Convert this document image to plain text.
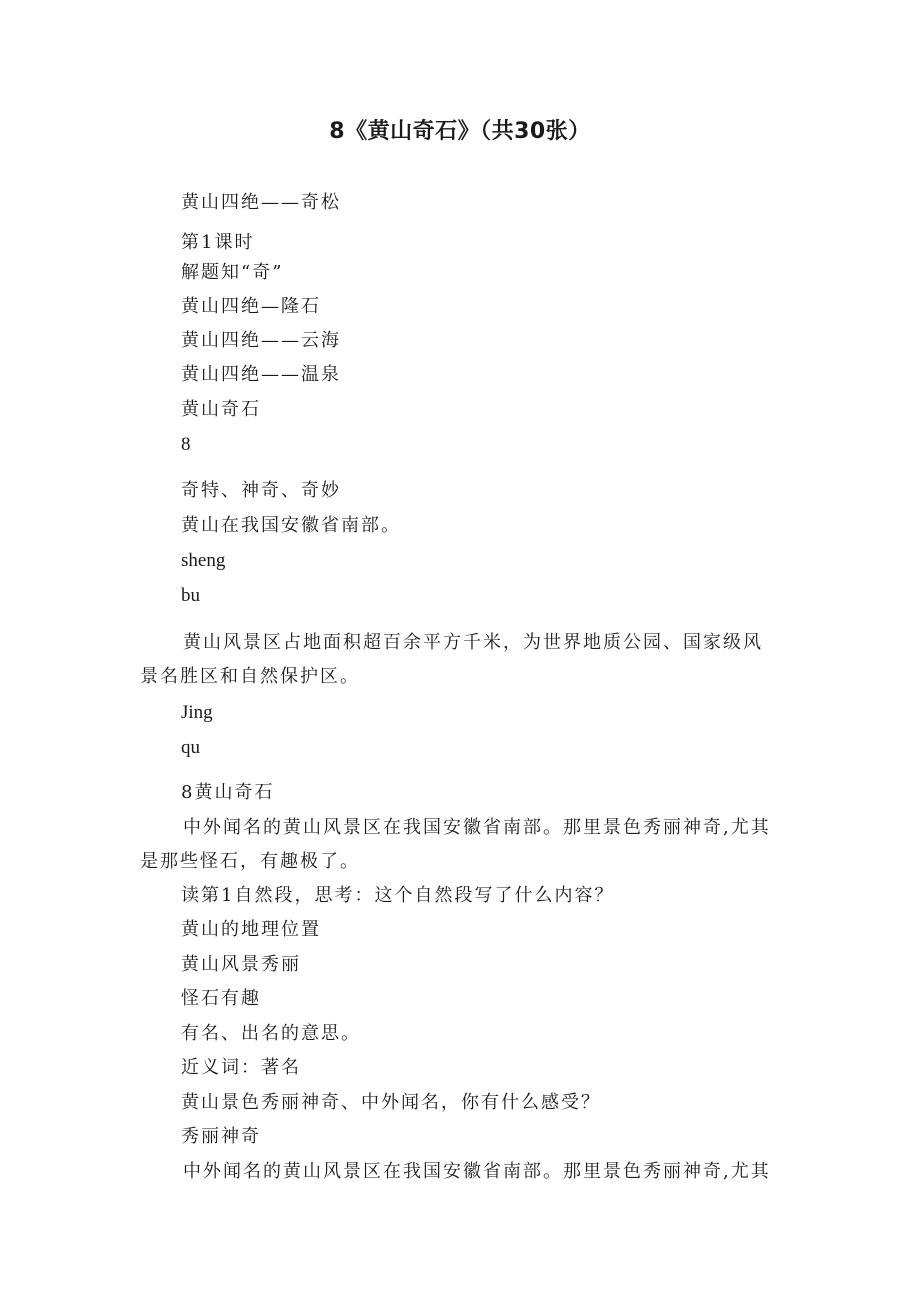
8《黄山奇石》（共30张）
黄山四绝——奇松
第1课时
解题知“奇”
黄山四绝—隆石
黄山四绝——云海
黄山四绝——温泉
黄山奇石
8
奇特、神奇、奇妙
黄山在我国安徽省南部。
sheng
bu
黄山风景区占地面积超百余平方千米，为世界地质公园、国家级风
景名胜区和自然保护区。
Jing
qu
8黄山奇石
中外闻名的黄山风景区在我国安徽省南部。那里景色秀丽神奇,尤其
是那些怪石，有趣极了。
读第1自然段，思考：这个自然段写了什么内容？
黄山的地理位置
黄山风景秀丽
怪石有趣
有名、出名的意思。
近义词：著名
黄山景色秀丽神奇、中外闻名，你有什么感受？
秀丽神奇
中外闻名的黄山风景区在我国安徽省南部。那里景色秀丽神奇,尤其
